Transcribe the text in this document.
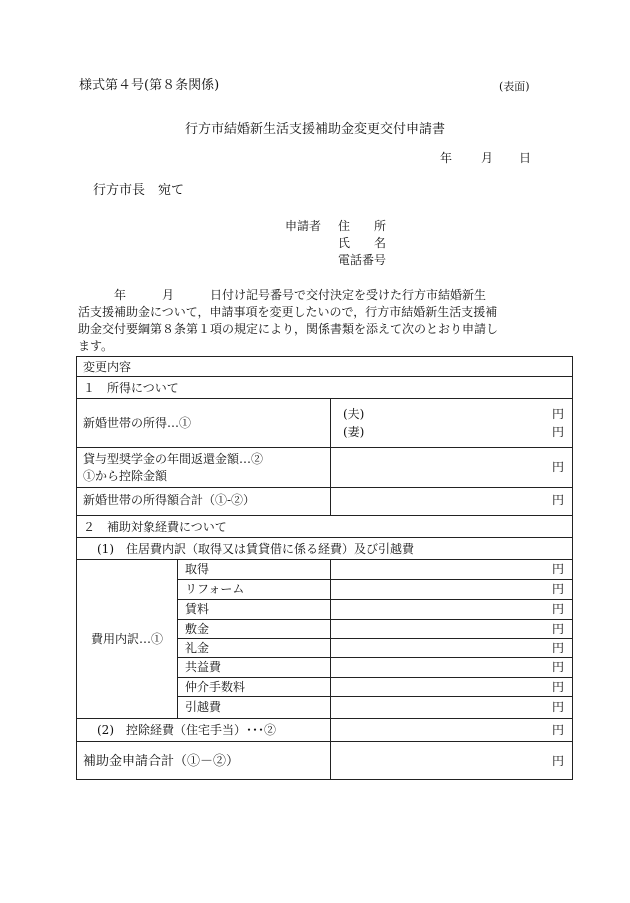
様式第４号(第８条関係)	(表面)
行方市結婚新生活支援補助金変更交付申請書
年 月 日
行方市長　宛て
申請者 住　　所
氏　　名
電話番号
　　　年　　　月　　　日付け記号番号で交付決定を受けた行方市結婚新生
活支援補助金について，申請事項を変更したいので，行方市結婚新生活支援補
助金交付要綱第８条第１項の規定により，関係書類を添えて次のとおり申請し
ます。
変更内容
１　所得について
新婚世帯の所得…①
(夫)	円
(妻)	円
貸与型奨学金の年間返還金額…②
①から控除金額
円
新婚世帯の所得額合計（①-②）	円
２　補助対象経費について
(1)　住居費内訳（取得又は賃貸借に係る経費）及び引越費
費用内訳…①
取得	円
リフォーム	円
賃料	円
敷金	円
礼金	円
共益費	円
仲介手数料	円
引越費	円
(2)　控除経費（住宅手当）･･･②	円
補助金申請合計（①－②）	円
